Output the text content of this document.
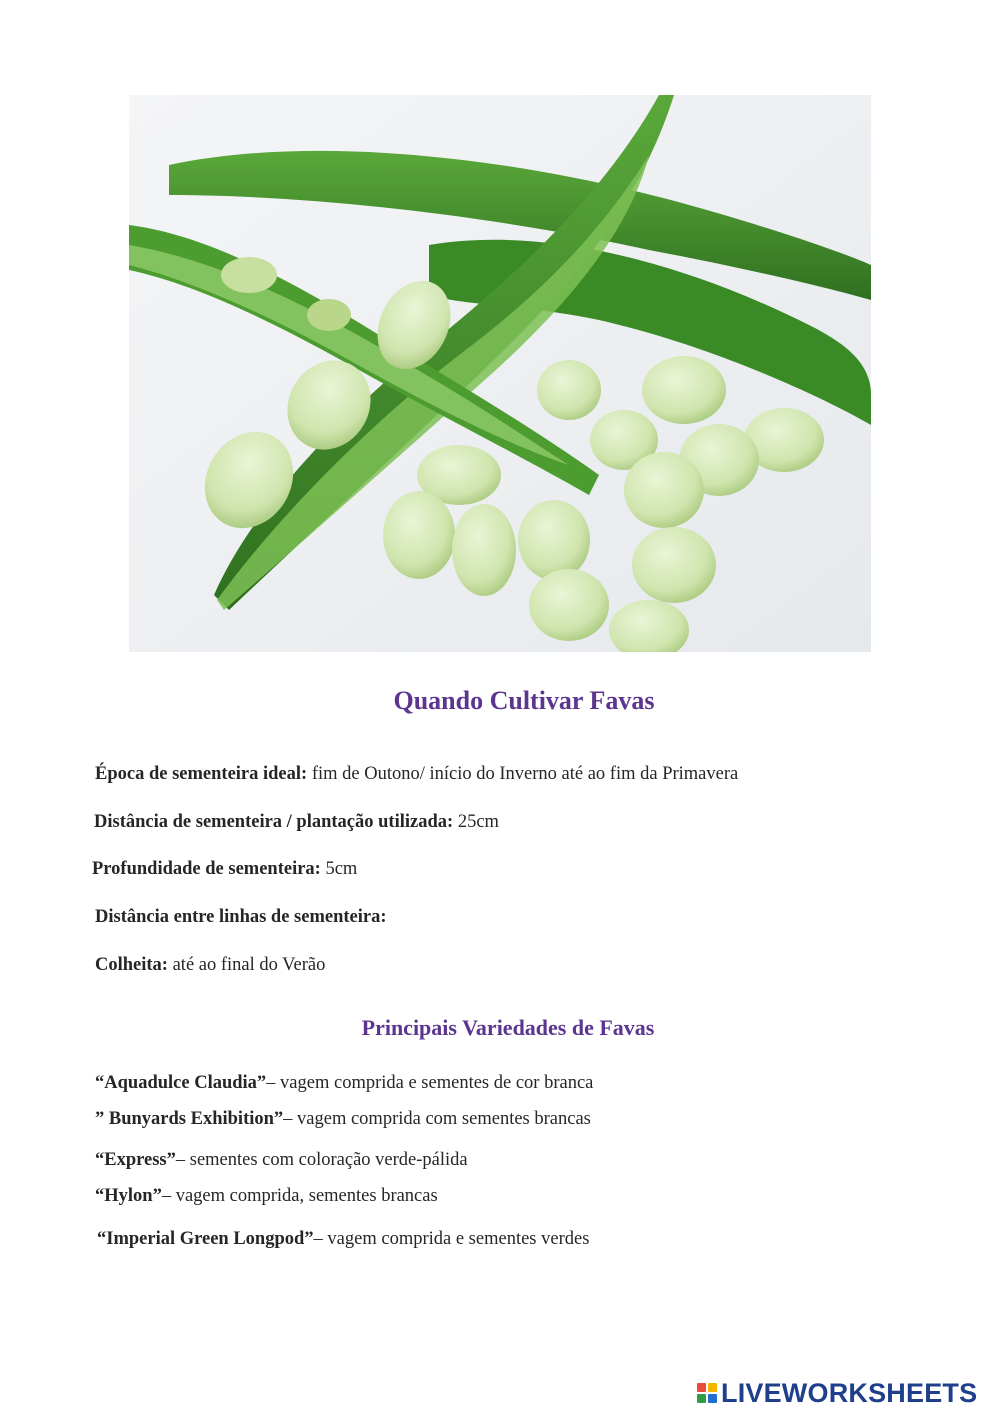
Quando Cultivar Favas

Época de sementeira ideal: fim de Outono/ início do Inverno até ao fim da Primavera

Distância de sementeira / plantação utilizada: 25cm

Profundidade de sementeira: 5cm

Distância entre linhas de sementeira:

Colheita: até ao final do Verão

Principais Variedades de Favas

“Aquadulce Claudia”– vagem comprida e sementes de cor branca

” Bunyards Exhibition”– vagem comprida com sementes brancas

“Express”– sementes com coloração verde-pálida

“Hylon”– vagem comprida, sementes brancas

“Imperial Green Longpod”– vagem comprida e sementes verdes

LIVEWORKSHEETS
